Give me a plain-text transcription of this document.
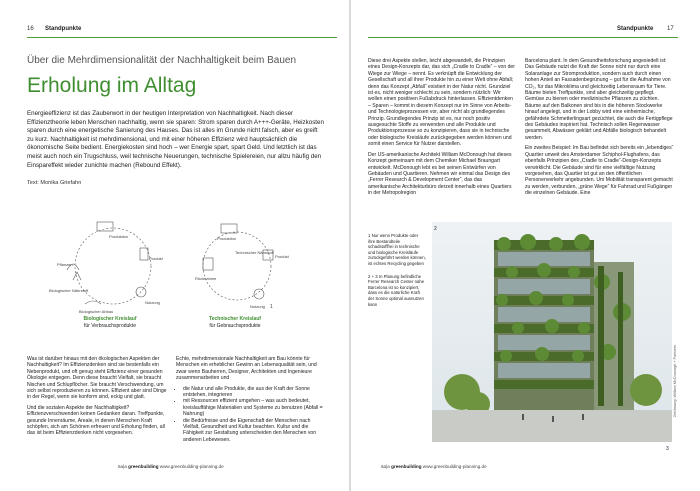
16 Standpunkte
Über die Mehrdimensionalität der Nachhaltigkeit beim Bauen
Erholung im Alltag
Energieeffizienz ist das Zauberwort in der heutigen Interpretation von Nachhaltigkeit. Nach dieser Effizienztheorie leben Menschen nachhaltig, wenn sie sparen: Strom sparen durch A+++-Geräte, Heizkosten sparen durch eine energetische Sanierung des Hauses. Das ist alles im Grunde nicht falsch, aber es greift zu kurz. Nachhaltigkeit ist mehrdimensional, und mit einer höheren Effizienz wird hauptsächlich die ökonomische Seite bedient. Energiekosten sind hoch – wer Energie spart, spart Geld. Und letztlich ist das meist auch noch ein Trugschluss, weil technische Neuerungen, technische Spielereien, nur allzu häufig den Einspareffekt wieder zunichte machen (Rebound Effekt).
Text: Monika Griefahn
Produktion
Produkt
Nutzung
Biologischer Nährstoff
Pflanzen
Biologischer Abbau
Produktion
Technischer Nährstoff
Produkt
Nutzung
Rücknahme
1
Biologischer Kreislauf
für Verbrauchsprodukte
Technischer Kreislauf
für Gebrauchsprodukte

Was ist darüber hinaus mit den ökologischen Aspekten der Nachhaltigkeit? Im Effizienzdenken sind sie bestenfalls ein Nebenprodukt, und oft genug steht Effizienz einer gesunden Ökologie entgegen. Denn diese braucht Vielfalt, sie braucht Nischen und Schlupflöcher. Sie braucht Verschwendung, um sich selbst reproduzieren zu können. Effizient aber sind Dinge in der Regel, wenn sie konform sind, eckig und glatt.

Und die sozialen Aspekte der Nachhaltigkeit? Effizienzverschwenden keinen Gedanken daran. Treffpunkte, gesunde Innenräume, Areale, in denen Menschen Kraft schöpfen, sich am Schönen erfreuen und Erholung finden, all das ist beim Effizienzdenken nicht vorgesehen.

Echte, mehrdimensionale Nachhaltigkeit am Bau könnte für Menschen ein erheblicher Gewinn an Lebensqualität sein, und zwar wenn Bauherren, Designer, Architekten und Ingenieure zusammenarbeiten und

• die Natur und alle Produkte, die aus der Kraft der Sonne entstehen, integrieren
• mit Ressourcen effizient umgehen – was auch bedeutet, kreislauffähige Materialien und Systeme zu benutzen (Abfall = Nahrung)
• die Bedürfnisse und die Eigenschaft der Menschen nach Vielfalt, Gesundheit und Kultur beachten. Kultur und die Fähigkeit zur Gestaltung unterscheiden den Menschen von anderen Lebewesen.
6a|a greenbuilding www.greenbuilding-planning.de
Standpunkte 17

Diese drei Aspekte stellen, leicht abgewandelt, die Prinzipien eines Design-Konzepts dar, das sich „Cradle to Cradle“ – von der Wiege zur Wiege – nennt. Es verknüpft die Entwicklung der Gesellschaft und all ihrer Produkte hin zu einer Welt ohne Abfall; denn das Konzept „Abfall“ existiert in der Natur nicht. Grundziel ist es, nicht weniger schlecht zu sein, sondern nützlich: Wir wollen einen positiven Fußabdruck hinterlassen. Effizientdenken – Sparen – kommt in diesem Konzept nur im Sinne von Arbeits- und Technologieprozessen vor, aber nicht als grundlegendes Prinzip. Grundlegendes Prinzip ist es, nur noch positiv ausgesuchte Stoffe zu verwenden und alle Produkte und Produktionsprozesse so zu konzipieren, dass sie in technische oder biologische Kreisläufe zurückgegeben werden können und somit einen Service für Nutzer darstellen.

Der US-amerikanische Architekt William McDonough hat dieses Konzept gemeinsam mit dem Chemiker Michael Braungart entwickelt. McDonough lebt es bei seinen Entwürfen von Gebäuden und Quartieren. Nehmen wir einmal das Design des „Ferrer Research & Development Center“, das das amerikanische Architekturbüro derzeit innerhalb eines Quartiers in der Metropolregion

Barcelona plant. In dem Gesundheitsforschung angesiedelt ist: Das Gebäude nutzt die Kraft der Sonne nicht nur durch eine Solaranlage zur Stromproduktion, sondern auch durch einen hohen Anteil an Fassadenbegrünung – gut für die Aufnahme von CO₂, für das Mikroklima und gleichzeitig Lebensraum für Tiere. Bäume bieten Treffpunkte, sind aber gleichzeitig gepflegt. Gemüse zu bienen oder medizinische Pflanzen zu züchten. Bäume auf den Balkonen sind bis in die höheren Stockwerke hinauf angelegt, und in der Lobby wird eine einheimische, gefährdete Schmetterlingsart gezüchtet, die auch die Fertigpflege des Gebäudes inspiriert hat. Technisch sollen Regenwasser gesammelt, Abwässer geklärt und Abfälle biologisch behandelt werden.

Ein zweites Beispiel: Im Bau befindet sich bereits ein „lebendiges“ Quartier unweit des Amsterdamer Schiphol-Flughafens, das ebenfalls Prinzipien des „Cradle to Cradle“-Design-Konzepts verwirklicht. Die Gebäude sind für eine vielfältige Nutzung vorgesehen, das Quartier ist gut an den öffentlichen Personenverkehr angebunden. Um Mobilität transparent gemacht zu werden, verbunden, „grüne Wege“ für Fahrrad und Fußgänger die einzelnen Gebäude. Eine

6a|a greenbuilding www.greenbuilding-planning.de

1 Nur wenn Produkte oder ihre Bestandteile schadstofffrei in technische und biologische Kreisläufe zurückgeführt werden können, ist echtes Recycling gegeben

2 + 3 In Planung befindliche Ferrer Research Center nahe Barcelona ist so konzipiert, dass es die natürliche Kraft der Sonne optimal ausnutzen kann

Zeichnung: William McDonough + Partners
2
3
